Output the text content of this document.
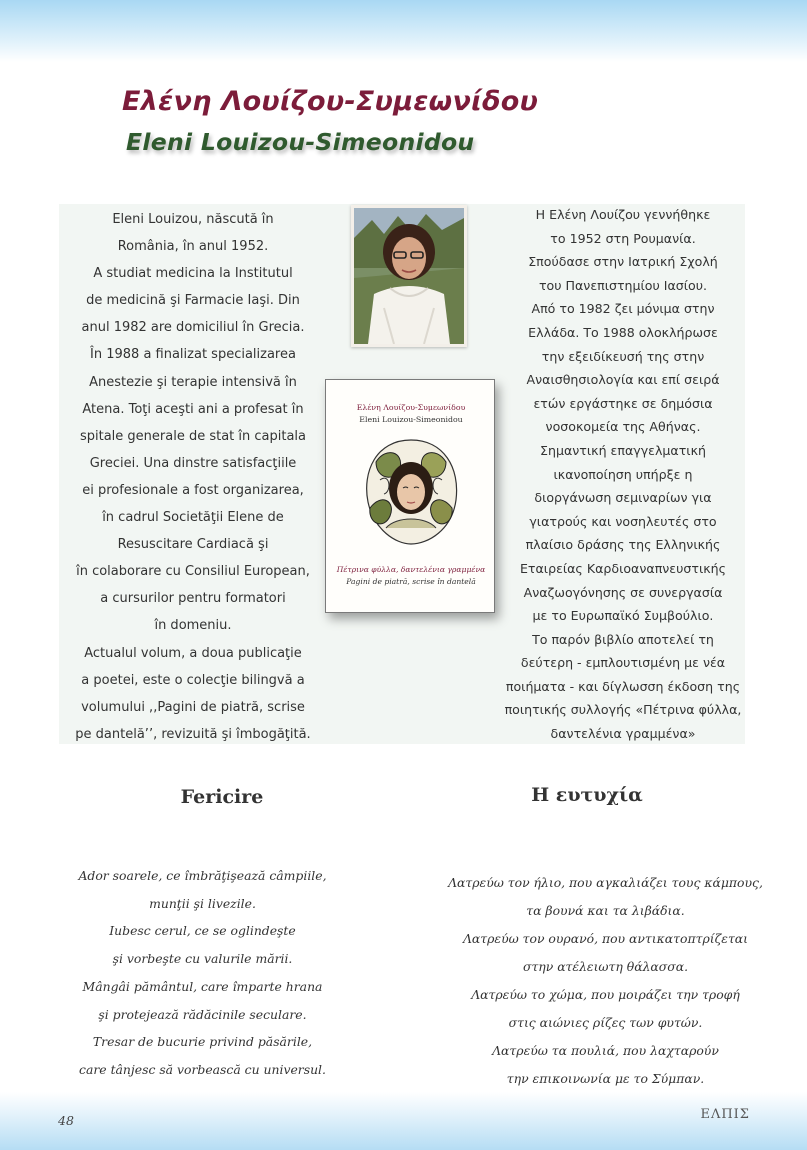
Ελένη Λουίζου-Συμεωνίδου
Eleni Louizou-Simeonidou
Eleni Louizou, născută în
România, în anul 1952.
A studiat medicina la Institutul
de medicină şi Farmacie Iaşi. Din
anul 1982 are domiciliul în Grecia.
În 1988 a finalizat specializarea
Anestezie şi terapie intensivă în
Atena. Toţi aceşti ani a profesat în
spitale generale de stat în capitala
Greciei. Una dinstre satisfacţiile
ei profesionale a fost organizarea,
în cadrul Societăţii Elene de
Resuscitare Cardiacă şi
în colaborare cu Consiliul European,
a cursurilor pentru formatori
în domeniu.
Actualul volum, a doua publicaţie
a poetei, este o colecţie bilingvă a
volumului ,,Pagini de piatră, scrise
pe dantelă’’, revizuită şi îmbogăţită.
Ελένη Λουίζου-Συμεωνίδου
Eleni Louizou-Simeonidou
Πέτρινα φύλλα, δαντελένια γραμμένα
Pagini de piatră, scrise în dantelă
Η Ελένη Λουίζου γεννήθηκε
το 1952 στη Ρουμανία.
Σπούδασε στην Ιατρική Σχολή
του Πανεπιστημίου Ιασίου.
Από το 1982 ζει μόνιμα στην
Ελλάδα. Το 1988 ολοκλήρωσε
την εξειδίκευσή της στην
Αναισθησιολογία και επί σειρά
ετών εργάστηκε σε δημόσια
νοσοκομεία της Αθήνας.
Σημαντική επαγγελματική
ικανοποίηση υπήρξε η
διοργάνωση σεμιναρίων για
γιατρούς και νοσηλευτές στο
πλαίσιο δράσης της Ελληνικής
Εταιρείας Καρδιοαναπνευστικής
Αναζωογόνησης σε συνεργασία
με το Ευρωπαϊκό Συμβούλιο.
Το παρόν βιβλίο αποτελεί τη
δεύτερη - εμπλουτισμένη με νέα
ποιήματα - και δίγλωσση έκδοση της
ποιητικής συλλογής «Πέτρινα φύλλα,
δαντελένια γραμμένα»
Fericire	Η ευτυχία
Ador soarele, ce îmbrăţişează câmpiile,
munţii şi livezile.
Iubesc cerul, ce se oglindeşte
şi vorbeşte cu valurile mării.
Mângâi pământul, care împarte hrana
şi protejează rădăcinile seculare.
Tresar de bucurie privind păsările,
care tânjesc să vorbească cu universul.
Λατρεύω τον ήλιο, που αγκαλιάζει τους κάμπους,
τα βουνά και τα λιβάδια.
Λατρεύω τον ουρανό, που αντικατοπτρίζεται
στην ατέλειωτη θάλασσα.
Λατρεύω το χώμα, που μοιράζει την τροφή
στις αιώνιες ρίζες των φυτών.
Λατρεύω τα πουλιά, που λαχταρούν
την επικοινωνία με το Σύμπαν.
48	ΕΛΠΙΣ
